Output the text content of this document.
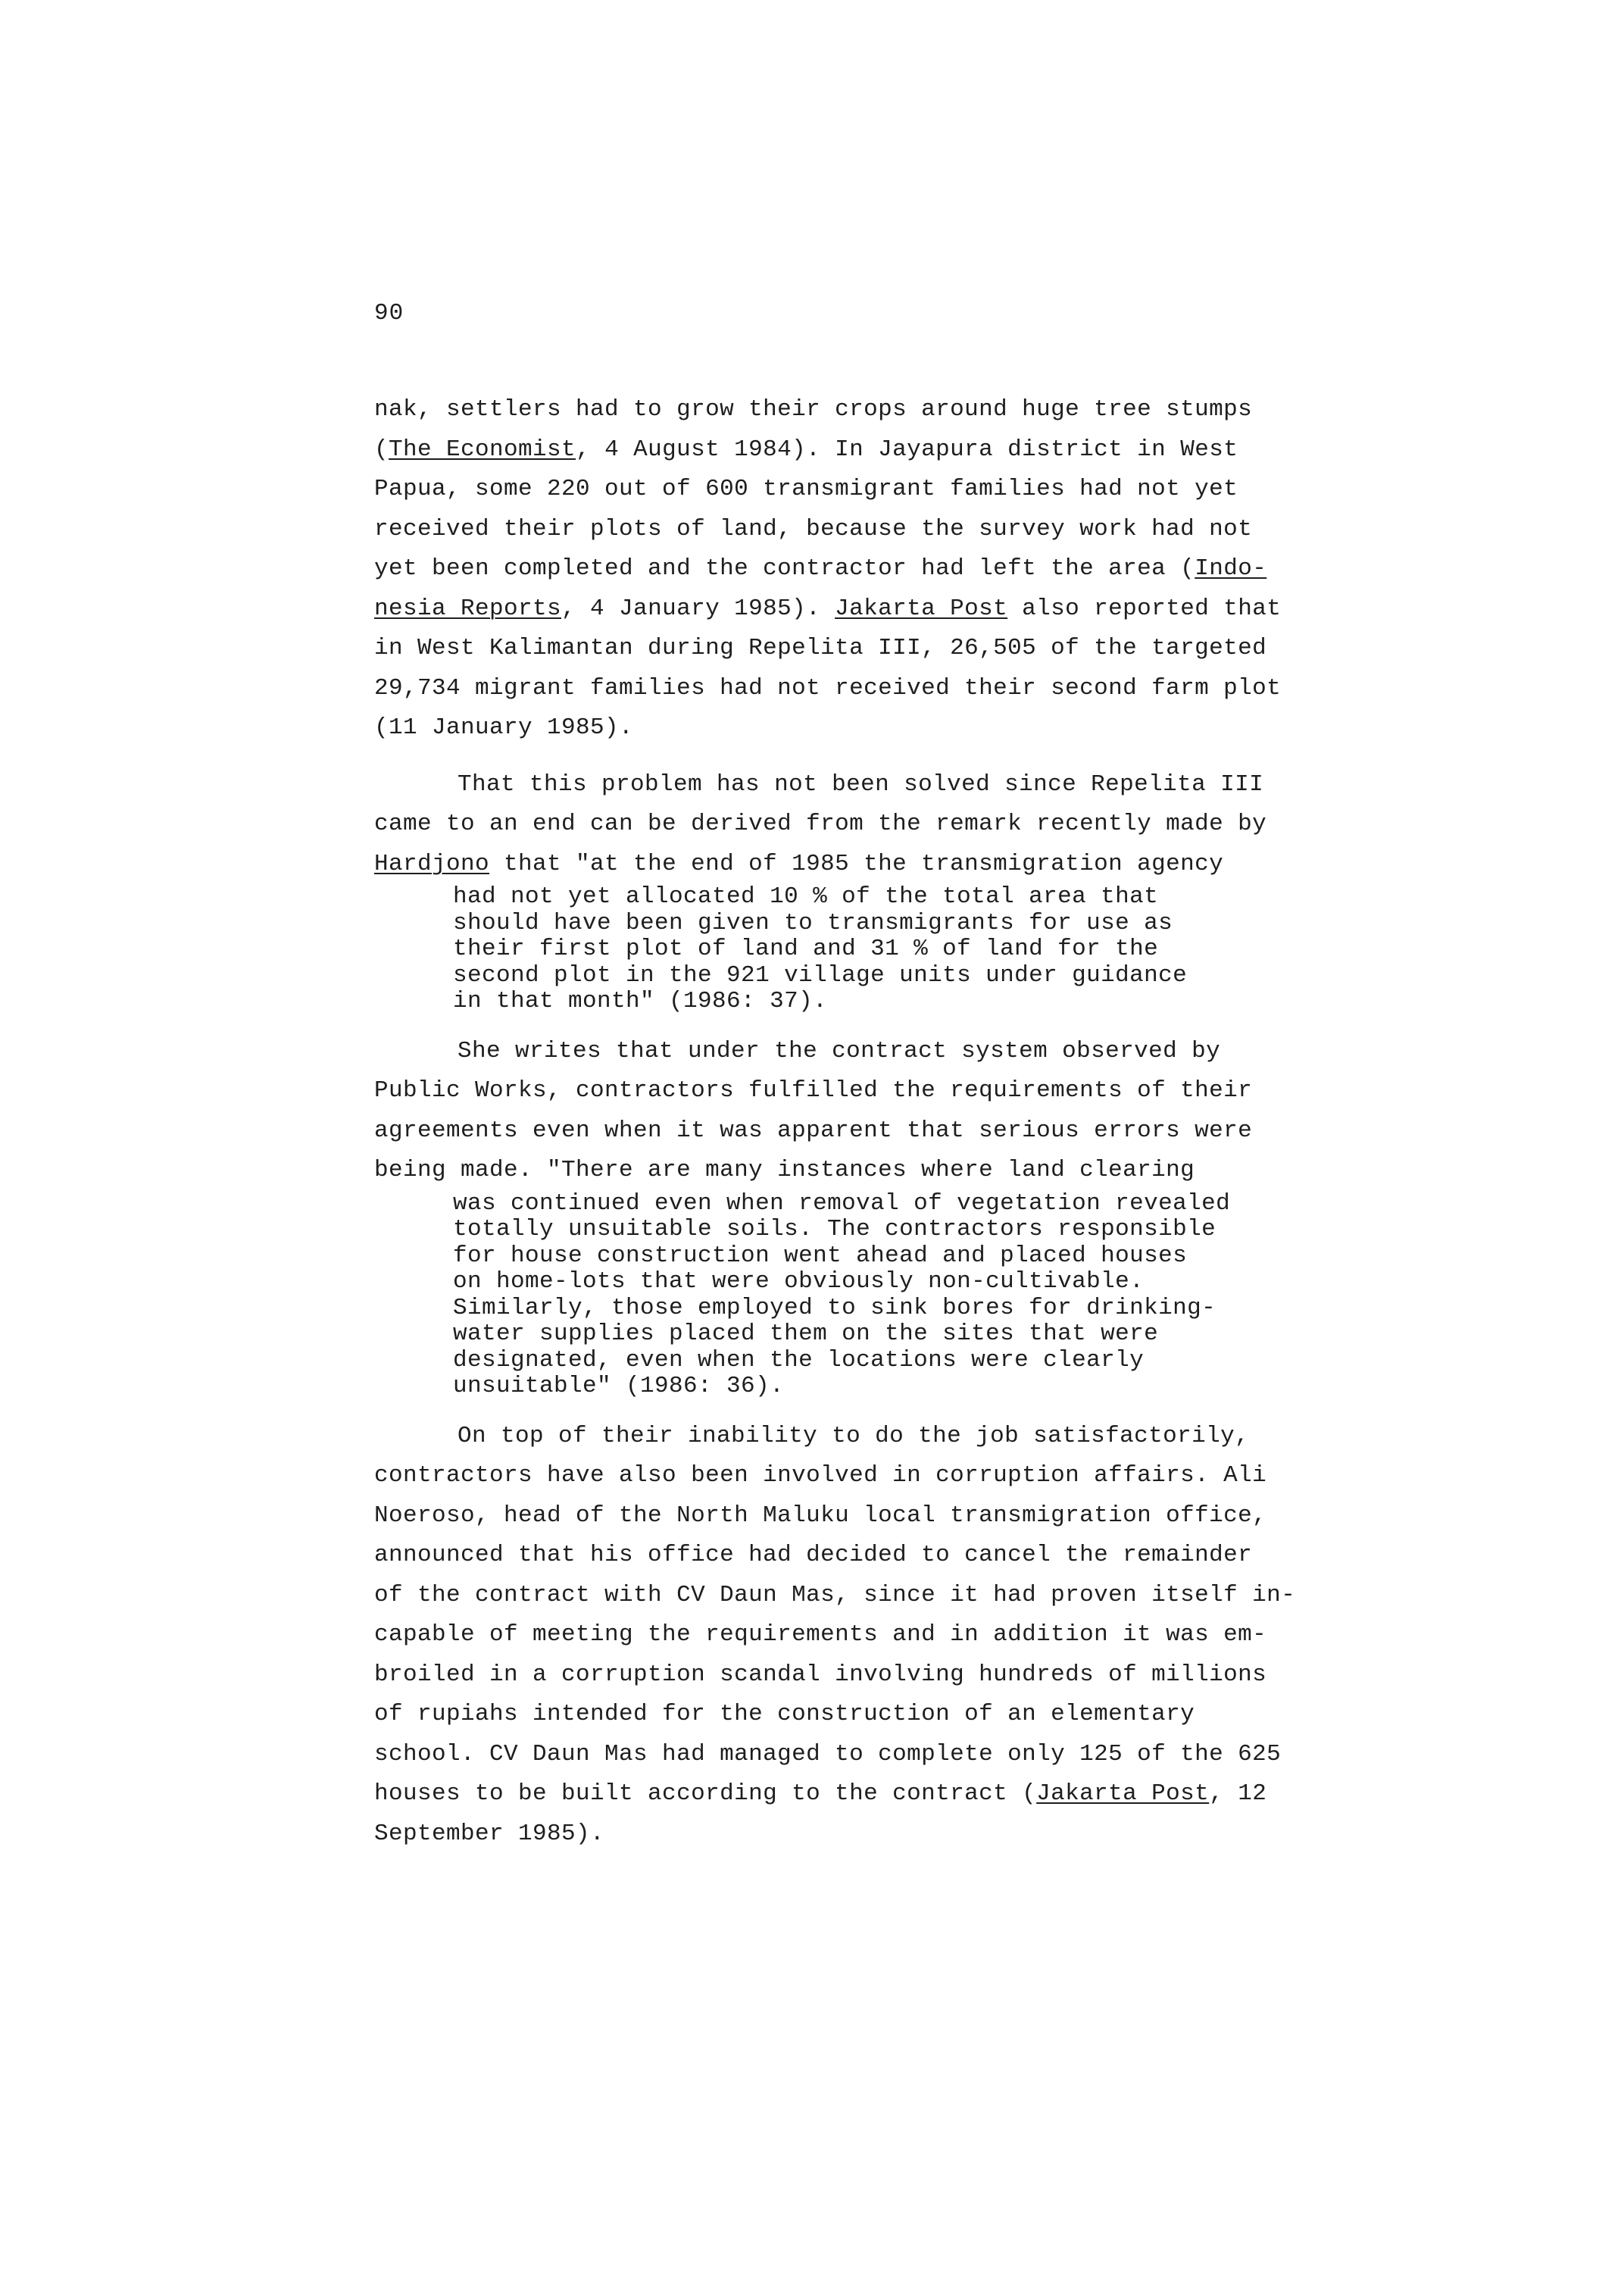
90
nak, settlers had to grow their crops around huge tree stumps
(The Economist, 4 August 1984). In Jayapura district in West
Papua, some 220 out of 600 transmigrant families had not yet
received their plots of land, because the survey work had not
yet been completed and the contractor had left the area (Indo-
nesia Reports, 4 January 1985). Jakarta Post also reported that
in West Kalimantan during Repelita III, 26,505 of the targeted
29,734 migrant families had not received their second farm plot
(11 January 1985).
That this problem has not been solved since Repelita III
came to an end can be derived from the remark recently made by
Hardjono that "at the end of 1985 the transmigration agency
had not yet allocated 10 % of the total area that
should have been given to transmigrants for use as
their first plot of land and 31 % of land for the
second plot in the 921 village units under guidance
in that month" (1986: 37).
She writes that under the contract system observed by
Public Works, contractors fulfilled the requirements of their
agreements even when it was apparent that serious errors were
being made. "There are many instances where land clearing
was continued even when removal of vegetation revealed
totally unsuitable soils. The contractors responsible
for house construction went ahead and placed houses
on home-lots that were obviously non-cultivable.
Similarly, those employed to sink bores for drinking-
water supplies placed them on the sites that were
designated, even when the locations were clearly
unsuitable" (1986: 36).
On top of their inability to do the job satisfactorily,
contractors have also been involved in corruption affairs. Ali
Noeroso, head of the North Maluku local transmigration office,
announced that his office had decided to cancel the remainder
of the contract with CV Daun Mas, since it had proven itself in-
capable of meeting the requirements and in addition it was em-
broiled in a corruption scandal involving hundreds of millions
of rupiahs intended for the construction of an elementary
school. CV Daun Mas had managed to complete only 125 of the 625
houses to be built according to the contract (Jakarta Post, 12
September 1985).
